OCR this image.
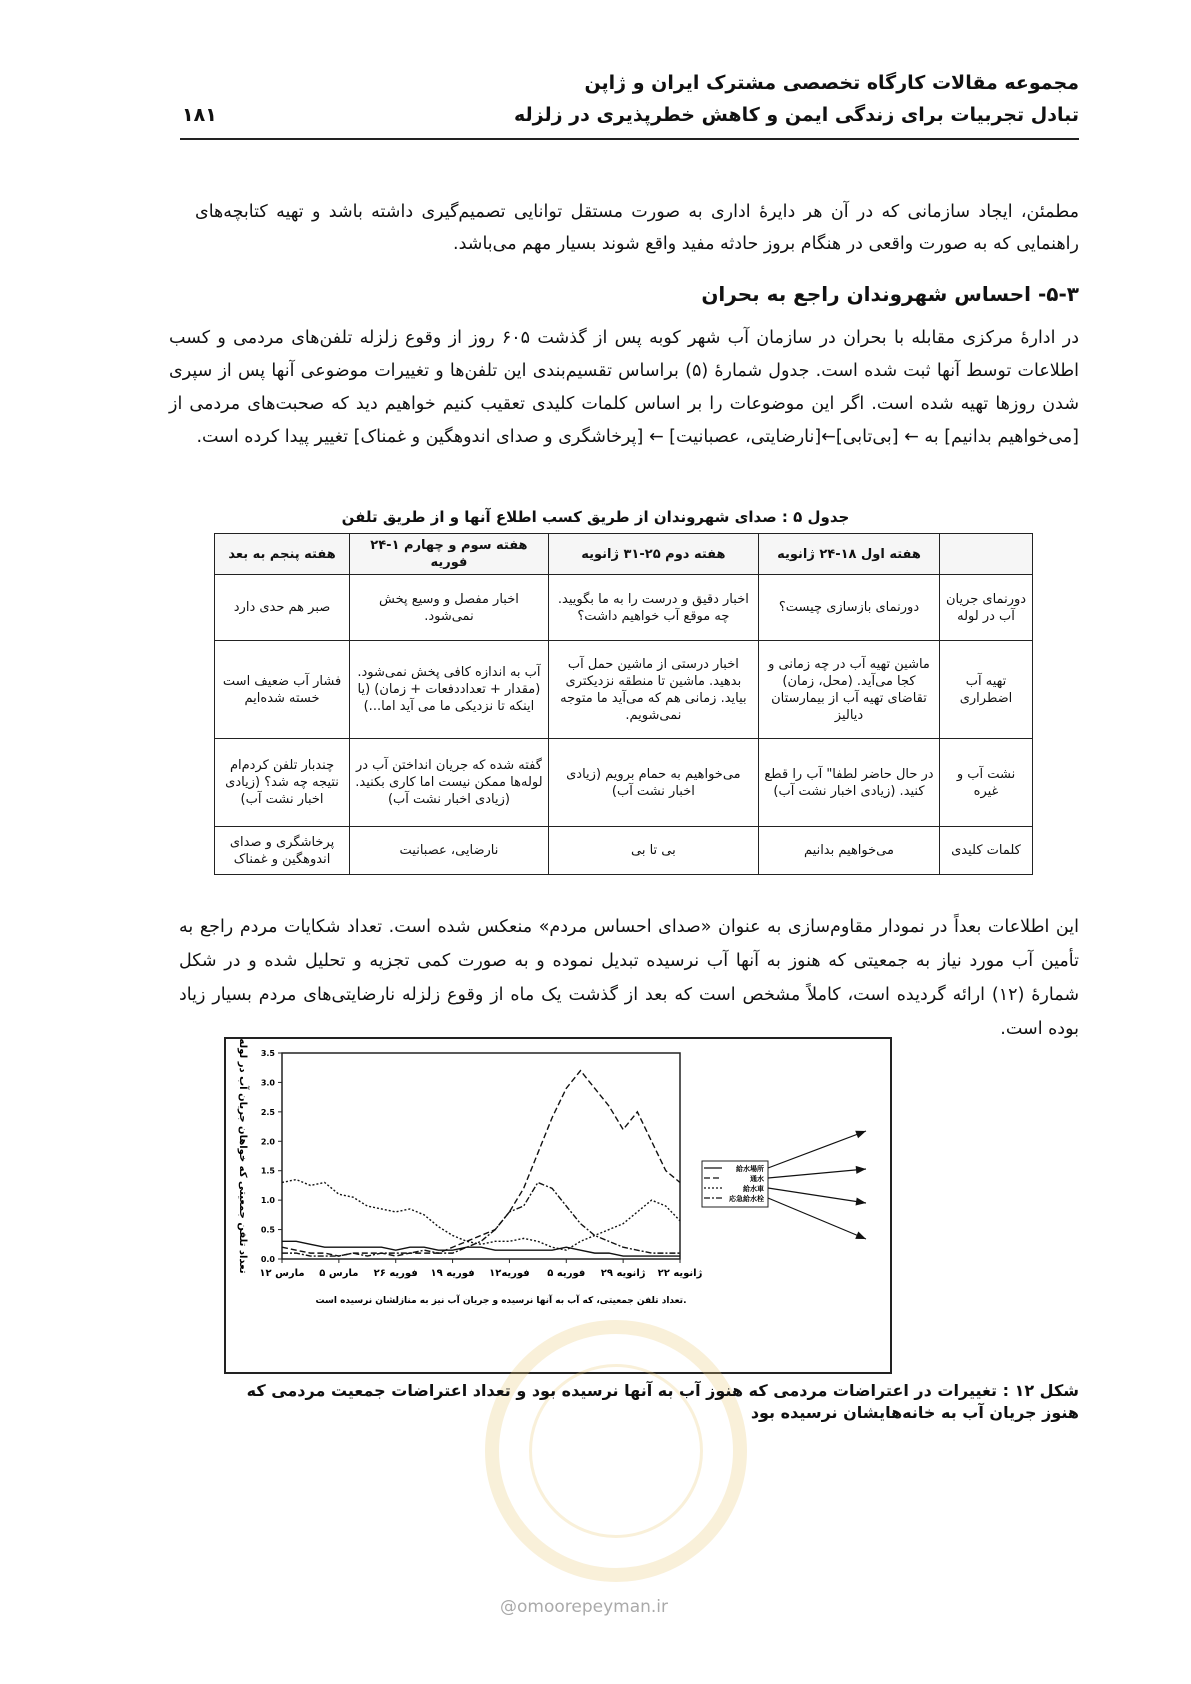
مجموعه مقالات کارگاه تخصصی مشترک ایران و ژاپن
تبادل تجربیات برای زندگی ایمن و کاهش خطرپذیری در زلزله
۱۸۱

مطمئن، ایجاد سازمانی که در آن هر دایرهٔ اداری به صورت مستقل توانایی تصمیم‌گیری داشته باشد و تهیه کتابچه‌های راهنمایی که به صورت واقعی در هنگام بروز حادثه مفید واقع شوند بسیار مهم می‌باشد.

۵-۳- احساس شهروندان راجع به بحران

در ادارهٔ مرکزی مقابله با بحران در سازمان آب شهر کوبه پس از گذشت ۶۰۵ روز از وقوع زلزله تلفن‌های مردمی و کسب اطلاعات توسط آنها ثبت شده است. جدول شمارهٔ (۵) براساس تقسیم‌بندی این تلفن‌ها و تغییرات موضوعی آنها پس از سپری شدن روزها تهیه شده است. اگر این موضوعات را بر اساس کلمات کلیدی تعقیب کنیم خواهیم دید که صحبت‌های مردمی از [می‌خواهیم بدانیم] به ← [بی‌تابی]←[نارضایتی، عصبانیت] ← [پرخاشگری و صدای اندوهگین و غمناک] تغییر پیدا کرده است.

جدول ۵ : صدای شهروندان از طریق کسب اطلاع آنها و از طریق تلفن
	هفته اول ۱۸-۲۴ ژانویه	هفته دوم ۲۵-۳۱ ژانویه	هفته سوم و چهارم ۱-۲۴ فوریه	هفته پنجم به بعد
دورنمای جریان آب در لوله	دورنمای بازسازی چیست؟	اخبار دقیق و درست را به ما بگویید. چه موقع آب خواهیم داشت؟	اخبار مفصل و وسیع پخش نمی‌شود.	صبر هم حدی دارد
تهیه آب اضطراری	ماشین تهیه آب در چه زمانی و کجا می‌آید. (محل، زمان) تقاضای تهیه آب از بیمارستان دیالیز	اخبار درستی از ماشین حمل آب بدهید. ماشین تا منطقه نزدیکتری بیاید. زمانی هم که می‌آید ما متوجه نمی‌شویم.	آب به اندازه کافی پخش نمی‌شود. (مقدار + تعداددفعات + زمان) (یا اینکه تا نزدیکی ما می آید اما...)	فشار آب ضعیف است خسته شده‌ایم
نشت آب و غیره	در حال حاضر لطفا" آب را قطع کنید. (زیادی اخبار نشت آب)	می‌خواهیم به حمام برویم (زیادی اخبار نشت آب)	گفته شده که جریان انداختن آب در لوله‌ها ممکن نیست اما کاری بکنید. (زیادی اخبار نشت آب)	چندبار تلفن کردم‌ام نتیجه چه شد؟ (زیادی اخبار نشت آب)
کلمات کلیدی	می‌خواهیم بدانیم	بی تا بی	نارضایی، عصبانیت	پرخاشگری و صدای اندوهگین و غمناک

این اطلاعات بعداً در نمودار مقاوم‌سازی به عنوان «صدای احساس مردم» منعکس شده است. تعداد شکایات مردم راجع به تأمین آب مورد نیاز به جمعیتی که هنوز به آنها آب نرسیده تبدیل نموده و به صورت کمی تجزیه و تحلیل شده و در شکل شمارهٔ (۱۲) ارائه گردیده است، کاملاً مشخص است که بعد از گذشت یک ماه از وقوع زلزله نارضایتی‌های مردم بسیار زیاد بوده است.

0.0
0.5
1.0
1.5
2.0
2.5
3.0
3.5
۲۲ ژانویه
۲۹ ژانویه
۵ فوریه
۱۲فوریه
۱۹ فوریه
۲۶ فوریه
۵ مارس
۱۲ مارس
تعداد تلفن جمعیتی که خواهان جریان آب در لوله
تعداد تلفن جمعیتی، که آب به آنها نرسیده و جریان آب نیز به منازلشان نرسیده است.
給水場所
通水
給水車
応急給水栓
@omoorepeyman.ir
شکل ۱۲ : تغییرات در اعتراضات مردمی که هنوز آب به آنها نرسیده بود و تعداد اعتراضات جمعیت مردمی که هنوز جریان آب به خانه‌هایشان نرسیده بود
